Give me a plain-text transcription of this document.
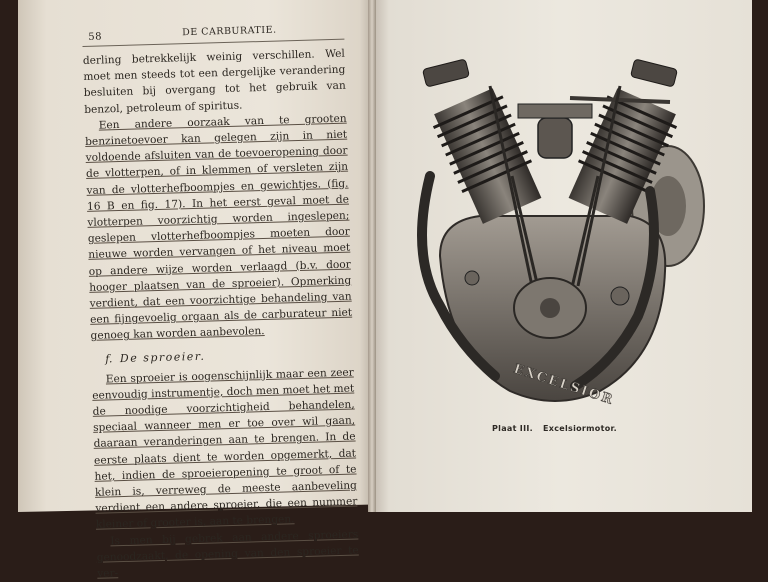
58	DE CARBURATIE.

derling betrekkelijk weinig verschillen. Wel moet men steeds tot een dergelijke verandering besluiten bij overgang tot het gebruik van benzol, petroleum of spiritus.

Een andere oorzaak van te grooten benzinetoevoer kan gelegen zijn in niet voldoende afsluiten van de toevoeropening door de vlotterpen, of in klemmen of versleten zijn van de vlotterhefboompjes en gewichtjes. (fig. 16 B en fig. 17). In het eerst geval moet de vlotterpen voorzichtig worden ingeslepen; geslepen vlotterhefboompjes moeten door nieuwe worden vervangen of het niveau moet op andere wijze worden verlaagd (b.v. door hooger plaatsen van de sproeier). Opmerking verdient, dat een voorzichtige behandeling van een fijngevoelig orgaan als de carburateur niet genoeg kan worden aanbevolen.

f. De sproeier.

Een sproeier is oogenschijnlijk maar een zeer eenvoudig instrumentje, doch men moet het met de noodige voorzichtigheid behandelen, speciaal wanneer men er toe over wil gaan, daaraan veranderingen aan te brengen. In de eerste plaats dient te worden opgemerkt, dat het, indien de sproeieropening te groot of te klein is, verreweg de meeste aanbeveling verdient een andere sproeier, die een nummer kleiner of grooter is, aan te brengen.

Is men bij gebrek aan andere sproeiers genoodzaakt, de opening van den sproeier te ver-

EXCELSIOR
Plaat III. Excelsiormotor.
